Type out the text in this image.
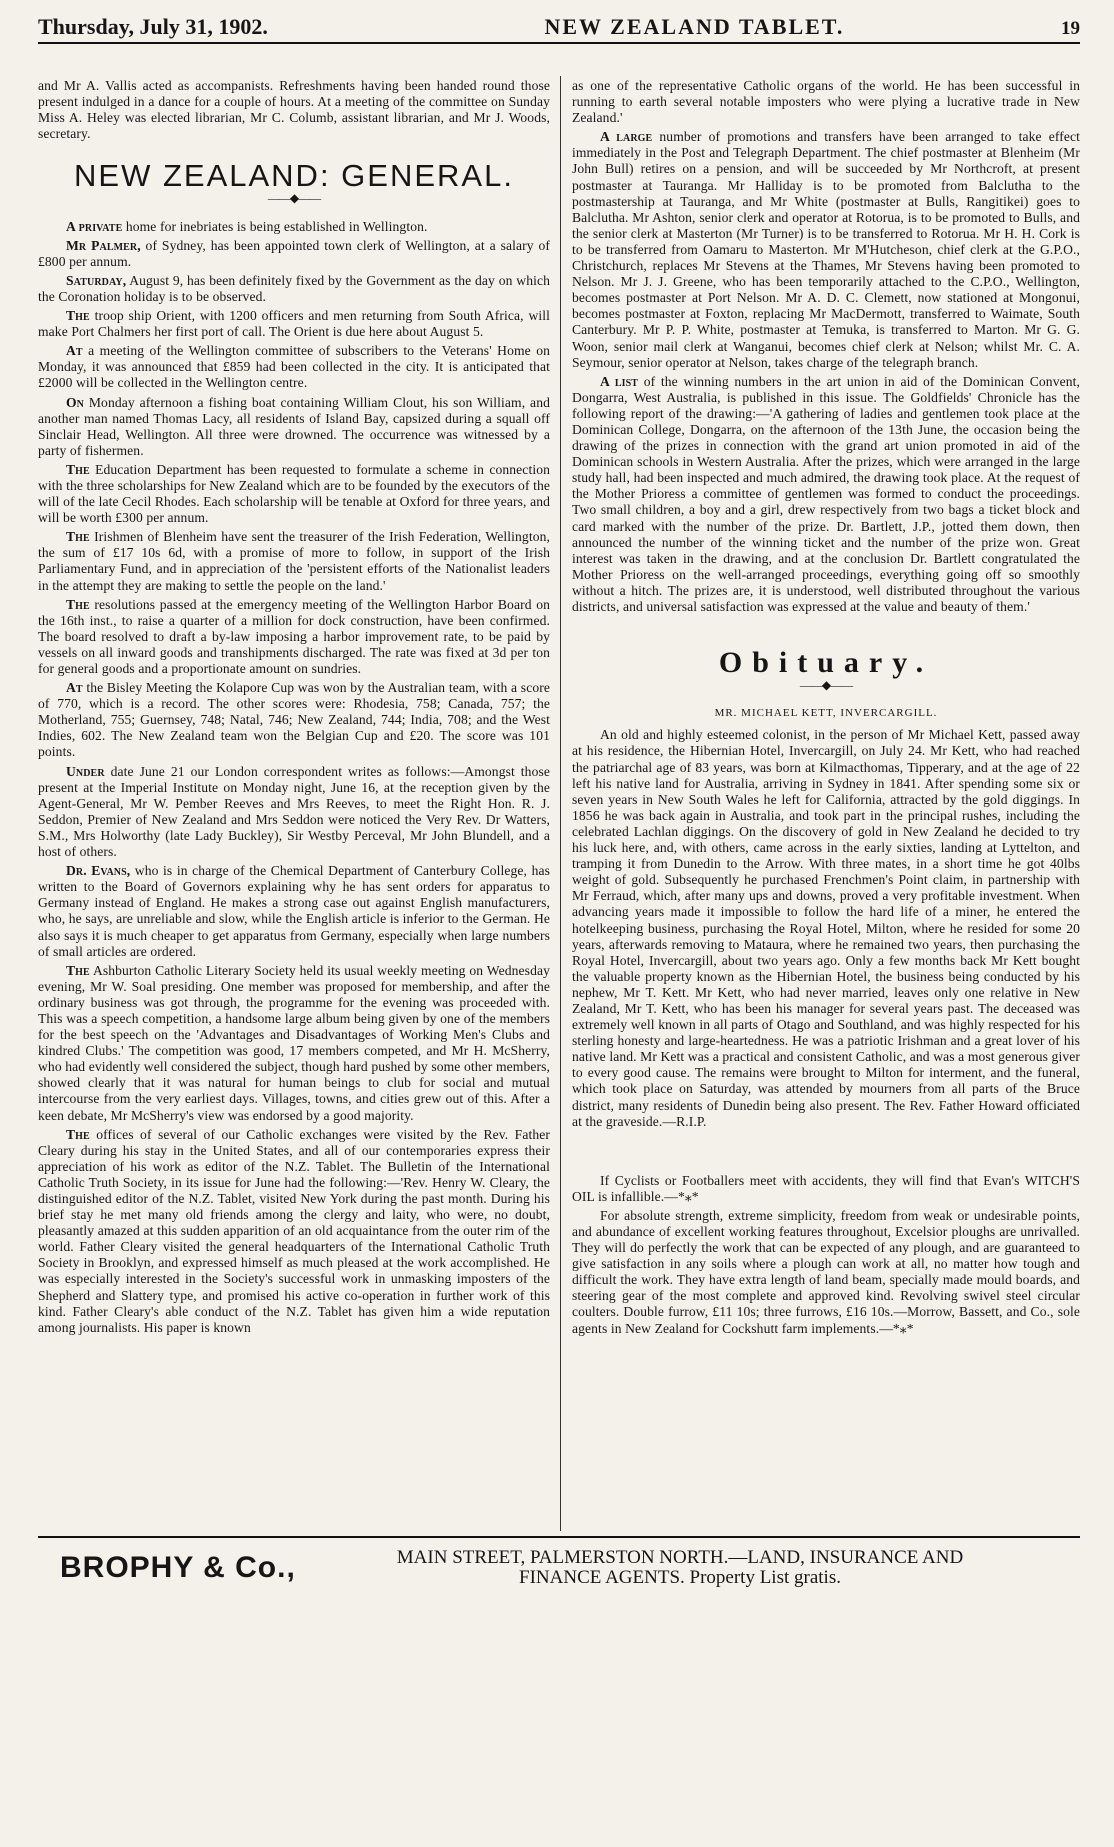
Thursday, July 31, 1902.	NEW ZEALAND TABLET.	19

and Mr A. Vallis acted as accompanists. Refreshments having been handed round those present indulged in a dance for a couple of hours. At a meeting of the committee on Sunday Miss A. Heley was elected librarian, Mr C. Columb, assistant librarian, and Mr J. Woods, secretary.

NEW ZEALAND: GENERAL.
——◆——

A private home for inebriates is being established in Wellington.

Mr Palmer, of Sydney, has been appointed town clerk of Wellington, at a salary of £800 per annum.

Saturday, August 9, has been definitely fixed by the Government as the day on which the Coronation holiday is to be observed.

The troop ship Orient, with 1200 officers and men returning from South Africa, will make Port Chalmers her first port of call. The Orient is due here about August 5.

At a meeting of the Wellington committee of subscribers to the Veterans' Home on Monday, it was announced that £859 had been collected in the city. It is anticipated that £2000 will be collected in the Wellington centre.

On Monday afternoon a fishing boat containing William Clout, his son William, and another man named Thomas Lacy, all residents of Island Bay, capsized during a squall off Sinclair Head, Wellington. All three were drowned. The occurrence was witnessed by a party of fishermen.

The Education Department has been requested to formulate a scheme in connection with the three scholarships for New Zealand which are to be founded by the executors of the will of the late Cecil Rhodes. Each scholarship will be tenable at Oxford for three years, and will be worth £300 per annum.

The Irishmen of Blenheim have sent the treasurer of the Irish Federation, Wellington, the sum of £17 10s 6d, with a promise of more to follow, in support of the Irish Parliamentary Fund, and in appreciation of the 'persistent efforts of the Nationalist leaders in the attempt they are making to settle the people on the land.'

The resolutions passed at the emergency meeting of the Wellington Harbor Board on the 16th inst., to raise a quarter of a million for dock construction, have been confirmed. The board resolved to draft a by-law imposing a harbor improvement rate, to be paid by vessels on all inward goods and transhipments discharged. The rate was fixed at 3d per ton for general goods and a proportionate amount on sundries.

At the Bisley Meeting the Kolapore Cup was won by the Australian team, with a score of 770, which is a record. The other scores were: Rhodesia, 758; Canada, 757; the Motherland, 755; Guernsey, 748; Natal, 746; New Zealand, 744; India, 708; and the West Indies, 602. The New Zealand team won the Belgian Cup and £20. The score was 101 points.

Under date June 21 our London correspondent writes as follows:—Amongst those present at the Imperial Institute on Monday night, June 16, at the reception given by the Agent-General, Mr W. Pember Reeves and Mrs Reeves, to meet the Right Hon. R. J. Seddon, Premier of New Zealand and Mrs Seddon were noticed the Very Rev. Dr Watters, S.M., Mrs Holworthy (late Lady Buckley), Sir Westby Perceval, Mr John Blundell, and a host of others.

Dr. Evans, who is in charge of the Chemical Department of Canterbury College, has written to the Board of Governors explaining why he has sent orders for apparatus to Germany instead of England. He makes a strong case out against English manufacturers, who, he says, are unreliable and slow, while the English article is inferior to the German. He also says it is much cheaper to get apparatus from Germany, especially when large numbers of small articles are ordered.

The Ashburton Catholic Literary Society held its usual weekly meeting on Wednesday evening, Mr W. Soal presiding. One member was proposed for membership, and after the ordinary business was got through, the programme for the evening was proceeded with. This was a speech competition, a handsome large album being given by one of the members for the best speech on the 'Advantages and Disadvantages of Working Men's Clubs and kindred Clubs.' The competition was good, 17 members competed, and Mr H. McSherry, who had evidently well considered the subject, though hard pushed by some other members, showed clearly that it was natural for human beings to club for social and mutual intercourse from the very earliest days. Villages, towns, and cities grew out of this. After a keen debate, Mr McSherry's view was endorsed by a good majority.

The offices of several of our Catholic exchanges were visited by the Rev. Father Cleary during his stay in the United States, and all of our contemporaries express their appreciation of his work as editor of the N.Z. Tablet. The Bulletin of the International Catholic Truth Society, in its issue for June had the following:—'Rev. Henry W. Cleary, the distinguished editor of the N.Z. Tablet, visited New York during the past month. During his brief stay he met many old friends among the clergy and laity, who were, no doubt, pleasantly amazed at this sudden apparition of an old acquaintance from the outer rim of the world. Father Cleary visited the general headquarters of the International Catholic Truth Society in Brooklyn, and expressed himself as much pleased at the work accomplished. He was especially interested in the Society's successful work in unmasking imposters of the Shepherd and Slattery type, and promised his active co-operation in further work of this kind. Father Cleary's able conduct of the N.Z. Tablet has given him a wide reputation among journalists. His paper is known

as one of the representative Catholic organs of the world. He has been successful in running to earth several notable imposters who were plying a lucrative trade in New Zealand.'

A large number of promotions and transfers have been arranged to take effect immediately in the Post and Telegraph Department. The chief postmaster at Blenheim (Mr John Bull) retires on a pension, and will be succeeded by Mr Northcroft, at present postmaster at Tauranga. Mr Halliday is to be promoted from Balclutha to the postmastership at Tauranga, and Mr White (postmaster at Bulls, Rangitikei) goes to Balclutha. Mr Ashton, senior clerk and operator at Rotorua, is to be promoted to Bulls, and the senior clerk at Masterton (Mr Turner) is to be transferred to Rotorua. Mr H. H. Cork is to be transferred from Oamaru to Masterton. Mr M'Hutcheson, chief clerk at the G.P.O., Christchurch, replaces Mr Stevens at the Thames, Mr Stevens having been promoted to Nelson. Mr J. J. Greene, who has been temporarily attached to the C.P.O., Wellington, becomes postmaster at Port Nelson. Mr A. D. C. Clemett, now stationed at Mongonui, becomes postmaster at Foxton, replacing Mr MacDermott, transferred to Waimate, South Canterbury. Mr P. P. White, postmaster at Temuka, is transferred to Marton. Mr G. G. Woon, senior mail clerk at Wanganui, becomes chief clerk at Nelson; whilst Mr. C. A. Seymour, senior operator at Nelson, takes charge of the telegraph branch.

A list of the winning numbers in the art union in aid of the Dominican Convent, Dongarra, West Australia, is published in this issue. The Goldfields' Chronicle has the following report of the drawing:—'A gathering of ladies and gentlemen took place at the Dominican College, Dongarra, on the afternoon of the 13th June, the occasion being the drawing of the prizes in connection with the grand art union promoted in aid of the Dominican schools in Western Australia. After the prizes, which were arranged in the large study hall, had been inspected and much admired, the drawing took place. At the request of the Mother Prioress a committee of gentlemen was formed to conduct the proceedings. Two small children, a boy and a girl, drew respectively from two bags a ticket block and card marked with the number of the prize. Dr. Bartlett, J.P., jotted them down, then announced the number of the winning ticket and the number of the prize won. Great interest was taken in the drawing, and at the conclusion Dr. Bartlett congratulated the Mother Prioress on the well-arranged proceedings, everything going off so smoothly without a hitch. The prizes are, it is understood, well distributed throughout the various districts, and universal satisfaction was expressed at the value and beauty of them.'

Obituary.
——◆——
MR. MICHAEL KETT, INVERCARGILL.

An old and highly esteemed colonist, in the person of Mr Michael Kett, passed away at his residence, the Hibernian Hotel, Invercargill, on July 24. Mr Kett, who had reached the patriarchal age of 83 years, was born at Kilmacthomas, Tipperary, and at the age of 22 left his native land for Australia, arriving in Sydney in 1841. After spending some six or seven years in New South Wales he left for California, attracted by the gold diggings. In 1856 he was back again in Australia, and took part in the principal rushes, including the celebrated Lachlan diggings. On the discovery of gold in New Zealand he decided to try his luck here, and, with others, came across in the early sixties, landing at Lyttelton, and tramping it from Dunedin to the Arrow. With three mates, in a short time he got 40lbs weight of gold. Subsequently he purchased Frenchmen's Point claim, in partnership with Mr Ferraud, which, after many ups and downs, proved a very profitable investment. When advancing years made it impossible to follow the hard life of a miner, he entered the hotelkeeping business, purchasing the Royal Hotel, Milton, where he resided for some 20 years, afterwards removing to Mataura, where he remained two years, then purchasing the Royal Hotel, Invercargill, about two years ago. Only a few months back Mr Kett bought the valuable property known as the Hibernian Hotel, the business being conducted by his nephew, Mr T. Kett. Mr Kett, who had never married, leaves only one relative in New Zealand, Mr T. Kett, who has been his manager for several years past. The deceased was extremely well known in all parts of Otago and Southland, and was highly respected for his sterling honesty and large-heartedness. He was a patriotic Irishman and a great lover of his native land. Mr Kett was a practical and consistent Catholic, and was a most generous giver to every good cause. The remains were brought to Milton for interment, and the funeral, which took place on Saturday, was attended by mourners from all parts of the Bruce district, many residents of Dunedin being also present. The Rev. Father Howard officiated at the graveside.—R.I.P.

If Cyclists or Footballers meet with accidents, they will find that Evan's WITCH'S OIL is infallible.—*⁎*

For absolute strength, extreme simplicity, freedom from weak or undesirable points, and abundance of excellent working features throughout, Excelsior ploughs are unrivalled. They will do perfectly the work that can be expected of any plough, and are guaranteed to give satisfaction in any soils where a plough can work at all, no matter how tough and difficult the work. They have extra length of land beam, specially made mould boards, and steering gear of the most complete and approved kind. Revolving swivel steel circular coulters. Double furrow, £11 10s; three furrows, £16 10s.—Morrow, Bassett, and Co., sole agents in New Zealand for Cockshutt farm implements.—*⁎*

BROPHY & Co.,	MAIN STREET, PALMERSTON NORTH.—LAND, INSURANCE AND
FINANCE AGENTS. Property List gratis.
